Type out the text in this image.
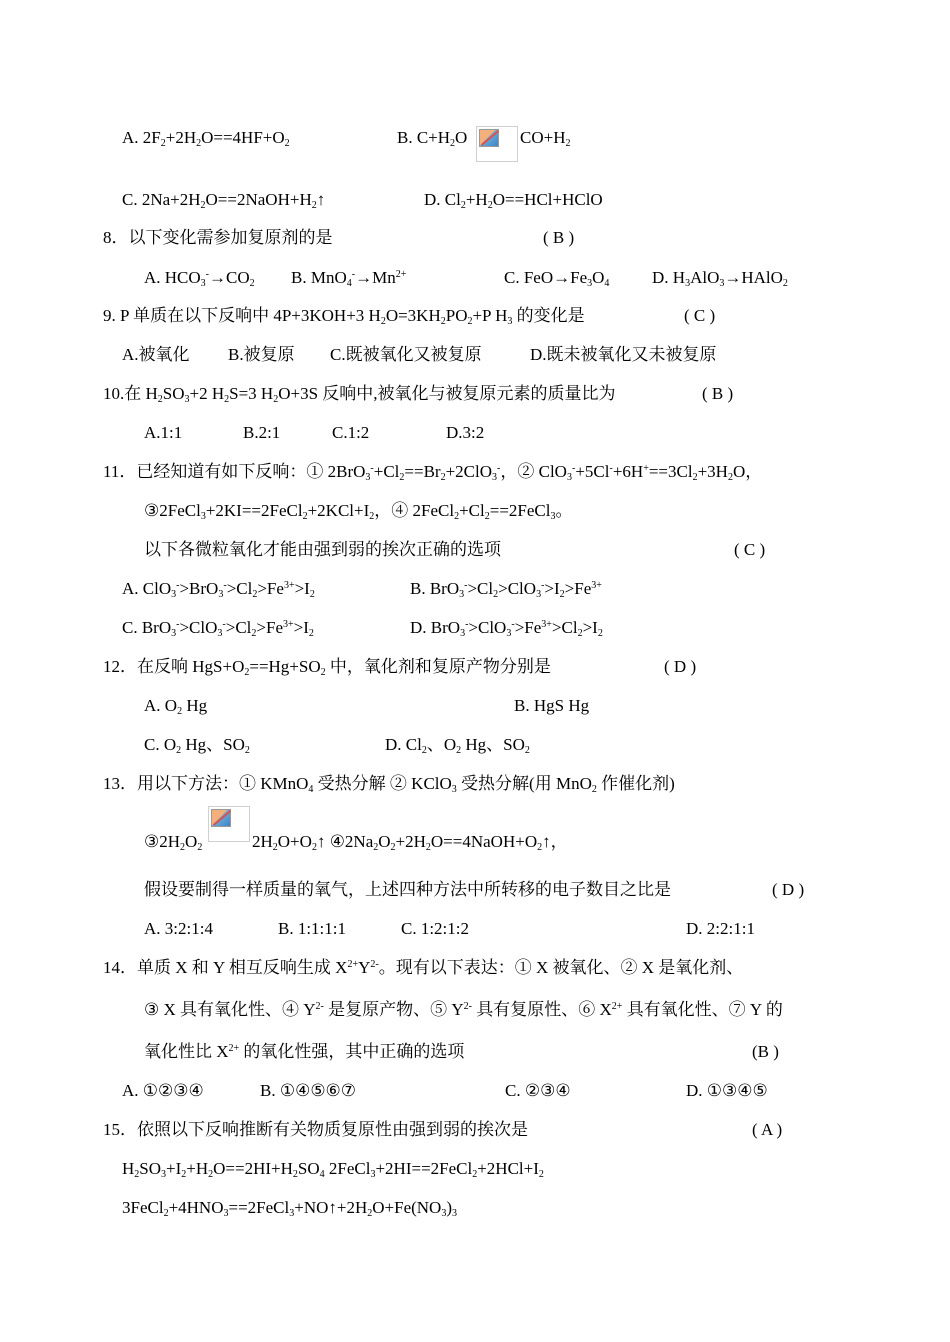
A. $2F_2+2H_2O==4HF+O_2$	B. $C+H_2O$	$CO+H_2$
C. $2Na+2H_2O==2NaOH+H_2↑$	D. $Cl_2+H_2O==HCl+HClO$
8．以下变化需参加复原剂的是	( B )
A. $HCO_3^-\to CO_2$ B. $MnO_4^-\to Mn^{2+}$	C. $FeO\to Fe_3O_4$	D. $H_3AlO_3\to HAlO_2$
9. P 单质在以下反响中 4P+3KOH+3 $H_2O=3KH_2PO_2+P$ $H_3$ 的变化是	( C )
A.被氧化 B.被复原 C.既被氧化又被复原	D.既未被氧化又未被复原
10.在 $H_2SO_3+2$ $H_2S=3$ $H_2O+3S$ 反响中,被氧化与被复原元素的质量比为	( B )
A.1:1	B.2:1	C.1:2	D.3:2
11．已经知道有如下反响：① $2BrO_3^-+Cl_2==Br_2+2ClO_3^-$，② $ClO_3^-+5Cl^-+6H^+==3Cl_2+3H_2O$，
$③2FeCl_3+2KI==2FeCl_2+2KCl+I_2$，④ $2FeCl_2+Cl_2==2FeCl_3$。
以下各微粒氧化才能由强到弱的挨次正确的选项	( C )
A. $ClO_3^->BrO_3^->Cl_2>Fe^{3+}>I_2$	B. $BrO_3^->Cl_2>ClO_3^->I_2>Fe^{3+}$
C. $BrO_3^->ClO_3^->Cl_2>Fe^{3+}>I_2$	D. $BrO_3^->ClO_3^->Fe^{3+}>Cl_2>I_2$
12．在反响 $HgS+O_2==Hg+SO_2$ 中，氧化剂和复原产物分别是	( D )
A. $O_2$ Hg	B. HgS Hg
C. $O_2$ Hg、$SO_2$	D. $Cl_2$、$O_2$ Hg、$SO_2$
13．用以下方法：① KMnO$_4$ 受热分解 ② KClO$_3$ 受热分解(用 MnO$_2$ 作催化剂)
$③2H_2O_2$	$2H_2O+O_2↑$ $④2Na_2O_2+2H_2O==4NaOH+O_2↑$，
假设要制得一样质量的氧气，上述四种方法中所转移的电子数目之比是	( D )
A. 3:2:1:4	B. 1:1:1:1	C. 1:2:1:2	D. 2:2:1:1
14．单质 X 和 Y 相互反响生成 $X^{2+}Y^{2-}$。现有以下表达：① X 被氧化、② X 是氧化剂、
③ X 具有氧化性、④ $Y^{2-}$ 是复原产物、⑤ $Y^{2-}$ 具有复原性、⑥ $X^{2+}$ 具有氧化性、⑦ Y 的
氧化性比 $X^{2+}$ 的氧化性强，其中正确的选项	(B )
A. ①②③④	B. ①④⑤⑥⑦	C. ②③④	D. ①③④⑤
15．依照以下反响推断有关物质复原性由强到弱的挨次是	( A )
$H_2SO_3+I_2+H_2O==2HI+H_2SO_4$ $2FeCl_3+2HI==2FeCl_2+2HCl+I_2$
$3FeCl_2+4HNO_3==2FeCl_3+NO↑+2H_2O+Fe(NO_3)_3$
